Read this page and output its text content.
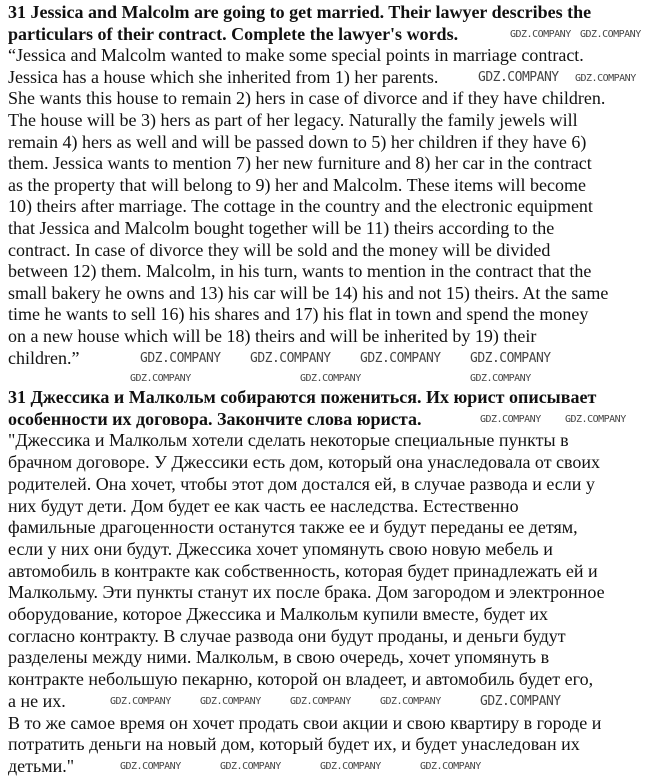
31 Jessica and Malcolm are going to get married. Their lawyer describes the
particulars of their contract. Complete the lawyer's words.
“Jessica and Malcolm wanted to make some special points in marriage contract.
Jessica has a house which she inherited from 1) her parents.
She wants this house to remain 2) hers in case of divorce and if they have children.
The house will be 3) hers as part of her legacy. Naturally the family jewels will
remain 4) hers as well and will be passed down to 5) her children if they have 6)
them. Jessica wants to mention 7) her new furniture and 8) her car in the contract
as the property that will belong to 9) her and Malcolm. These items will become
10) theirs after marriage. The cottage in the country and the electronic equipment
that Jessica and Malcolm bought together will be 11) theirs according to the
contract. In case of divorce they will be sold and the money will be divided
between 12) them. Malcolm, in his turn, wants to mention in the contract that the
small bakery he owns and 13) his car will be 14) his and not 15) theirs. At the same
time he wants to sell 16) his shares and 17) his flat in town and spend the money
on a new house which will be 18) theirs and will be inherited by 19) their
children.”
31 Джессика и Малкольм собираются пожениться. Их юрист описывает
особенности их договора. Закончите слова юриста.
"Джессика и Малкольм хотели сделать некоторые специальные пункты в
брачном договоре. У Джессики есть дом, который она унаследовала от своих
родителей. Она хочет, чтобы этот дом достался ей, в случае развода и если у
них будут дети. Дом будет ее как часть ее наследства. Естественно
фамильные драгоценности останутся также ее и будут переданы ее детям,
если у них они будут. Джессика хочет упомянуть свою новую мебель и
автомобиль в контракте как собственность, которая будет принадлежать ей и
Малкольму. Эти пункты станут их после брака. Дом загородом и электронное
оборудование, которое Джессика и Малкольм купили вместе, будет их
согласно контракту. В случае развода они будут проданы, и деньги будут
разделены между ними. Малкольм, в свою очередь, хочет упомянуть в
контракте небольшую пекарню, которой он владеет, и автомобиль будет его,
а не их.
В то же самое время он хочет продать свои акции и свою квартиру в городе и
потратить деньги на новый дом, который будет их, и будет унаследован их
детьми."
GDZ.COMPANY GDZ.COMPANY
GDZ.COMPANY GDZ.COMPANY
GDZ.COMPANY GDZ.COMPANY GDZ.COMPANY GDZ.COMPANY
GDZ.COMPANY	GDZ.COMPANY	GDZ.COMPANY
GDZ.COMPANY GDZ.COMPANY
GDZ.COMPANY	GDZ.COMPANY	GDZ.COMPANY	GDZ.COMPANY	GDZ.COMPANY
GDZ.COMPANY	GDZ.COMPANY	GDZ.COMPANY	GDZ.COMPANY
